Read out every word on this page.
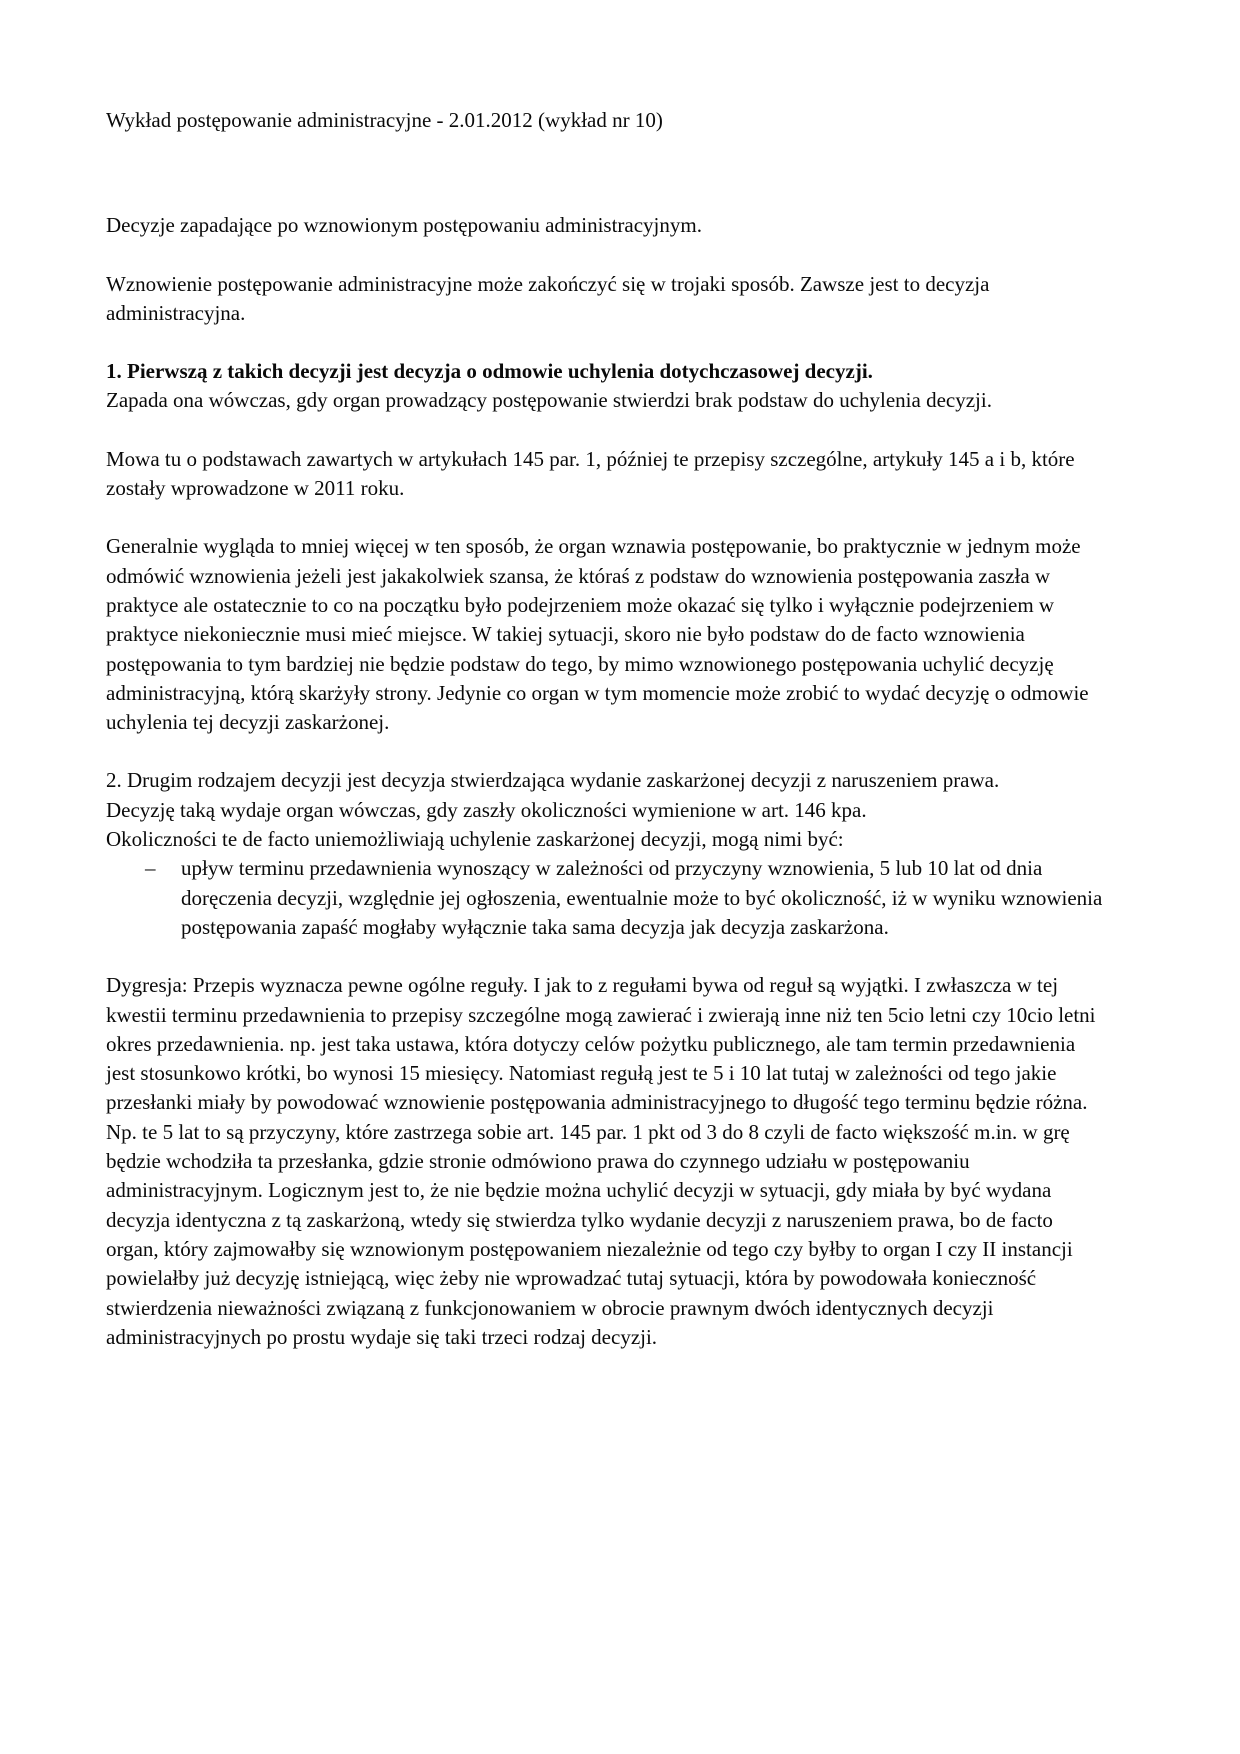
Wykład postępowanie administracyjne - 2.01.2012 (wykład nr 10)

Decyzje zapadające po wznowionym postępowaniu administracyjnym.

Wznowienie postępowanie administracyjne może zakończyć się w trojaki sposób. Zawsze jest to decyzja administracyjna.

1. Pierwszą z takich decyzji jest decyzja o odmowie uchylenia dotychczasowej decyzji.

Zapada ona wówczas, gdy organ prowadzący postępowanie stwierdzi brak podstaw do uchylenia decyzji.

Mowa tu o podstawach zawartych w artykułach 145 par. 1, później te przepisy szczególne, artykuły 145 a i b, które zostały wprowadzone w 2011 roku.

Generalnie wygląda to mniej więcej w ten sposób, że organ wznawia postępowanie, bo praktycznie w jednym może odmówić wznowienia jeżeli jest jakakolwiek szansa, że któraś z podstaw do wznowienia postępowania zaszła w praktyce ale ostatecznie to co na początku było podejrzeniem może okazać się tylko i wyłącznie podejrzeniem w praktyce niekoniecznie musi mieć miejsce. W takiej sytuacji, skoro nie było podstaw do de facto wznowienia postępowania to tym bardziej nie będzie podstaw do tego, by mimo wznowionego postępowania uchylić decyzję administracyjną, którą skarżyły strony. Jedynie co organ w tym momencie może zrobić to wydać decyzję o odmowie uchylenia tej decyzji zaskarżonej.

2. Drugim rodzajem decyzji jest decyzja stwierdzająca wydanie zaskarżonej decyzji z naruszeniem prawa.

Decyzję taką wydaje organ wówczas, gdy zaszły okoliczności wymienione w art. 146 kpa.

Okoliczności te de facto uniemożliwiają uchylenie zaskarżonej decyzji, mogą nimi być:

–	upływ terminu przedawnienia wynoszący w zależności od przyczyny wznowienia, 5 lub 10 lat od dnia doręczenia decyzji, względnie jej ogłoszenia, ewentualnie może to być okoliczność, iż w wyniku wznowienia postępowania zapaść mogłaby wyłącznie taka sama decyzja jak decyzja zaskarżona.

Dygresja: Przepis wyznacza pewne ogólne reguły. I jak to z regułami bywa od reguł są wyjątki. I zwłaszcza w tej kwestii terminu przedawnienia to przepisy szczególne mogą zawierać i zwierają inne niż ten 5cio letni czy 10cio letni okres przedawnienia. np. jest taka ustawa, która dotyczy celów pożytku publicznego, ale tam termin przedawnienia jest stosunkowo krótki, bo wynosi 15 miesięcy. Natomiast regułą jest te 5 i 10 lat tutaj w zależności od tego jakie przesłanki miały by powodować wznowienie postępowania administracyjnego to długość tego terminu będzie różna. Np. te 5 lat to są przyczyny, które zastrzega sobie art. 145 par. 1 pkt od 3 do 8 czyli de facto większość m.in. w grę będzie wchodziła ta przesłanka, gdzie stronie odmówiono prawa do czynnego udziału w postępowaniu administracyjnym. Logicznym jest to, że nie będzie można uchylić decyzji w sytuacji, gdy miała by być wydana decyzja identyczna z tą zaskarżoną, wtedy się stwierdza tylko wydanie decyzji z naruszeniem prawa, bo de facto organ, który zajmowałby się wznowionym postępowaniem niezależnie od tego czy byłby to organ I czy II instancji powielałby już decyzję istniejącą, więc żeby nie wprowadzać tutaj sytuacji, która by powodowała konieczność stwierdzenia nieważności związaną z funkcjonowaniem w obrocie prawnym dwóch identycznych decyzji administracyjnych po prostu wydaje się taki trzeci rodzaj decyzji.
